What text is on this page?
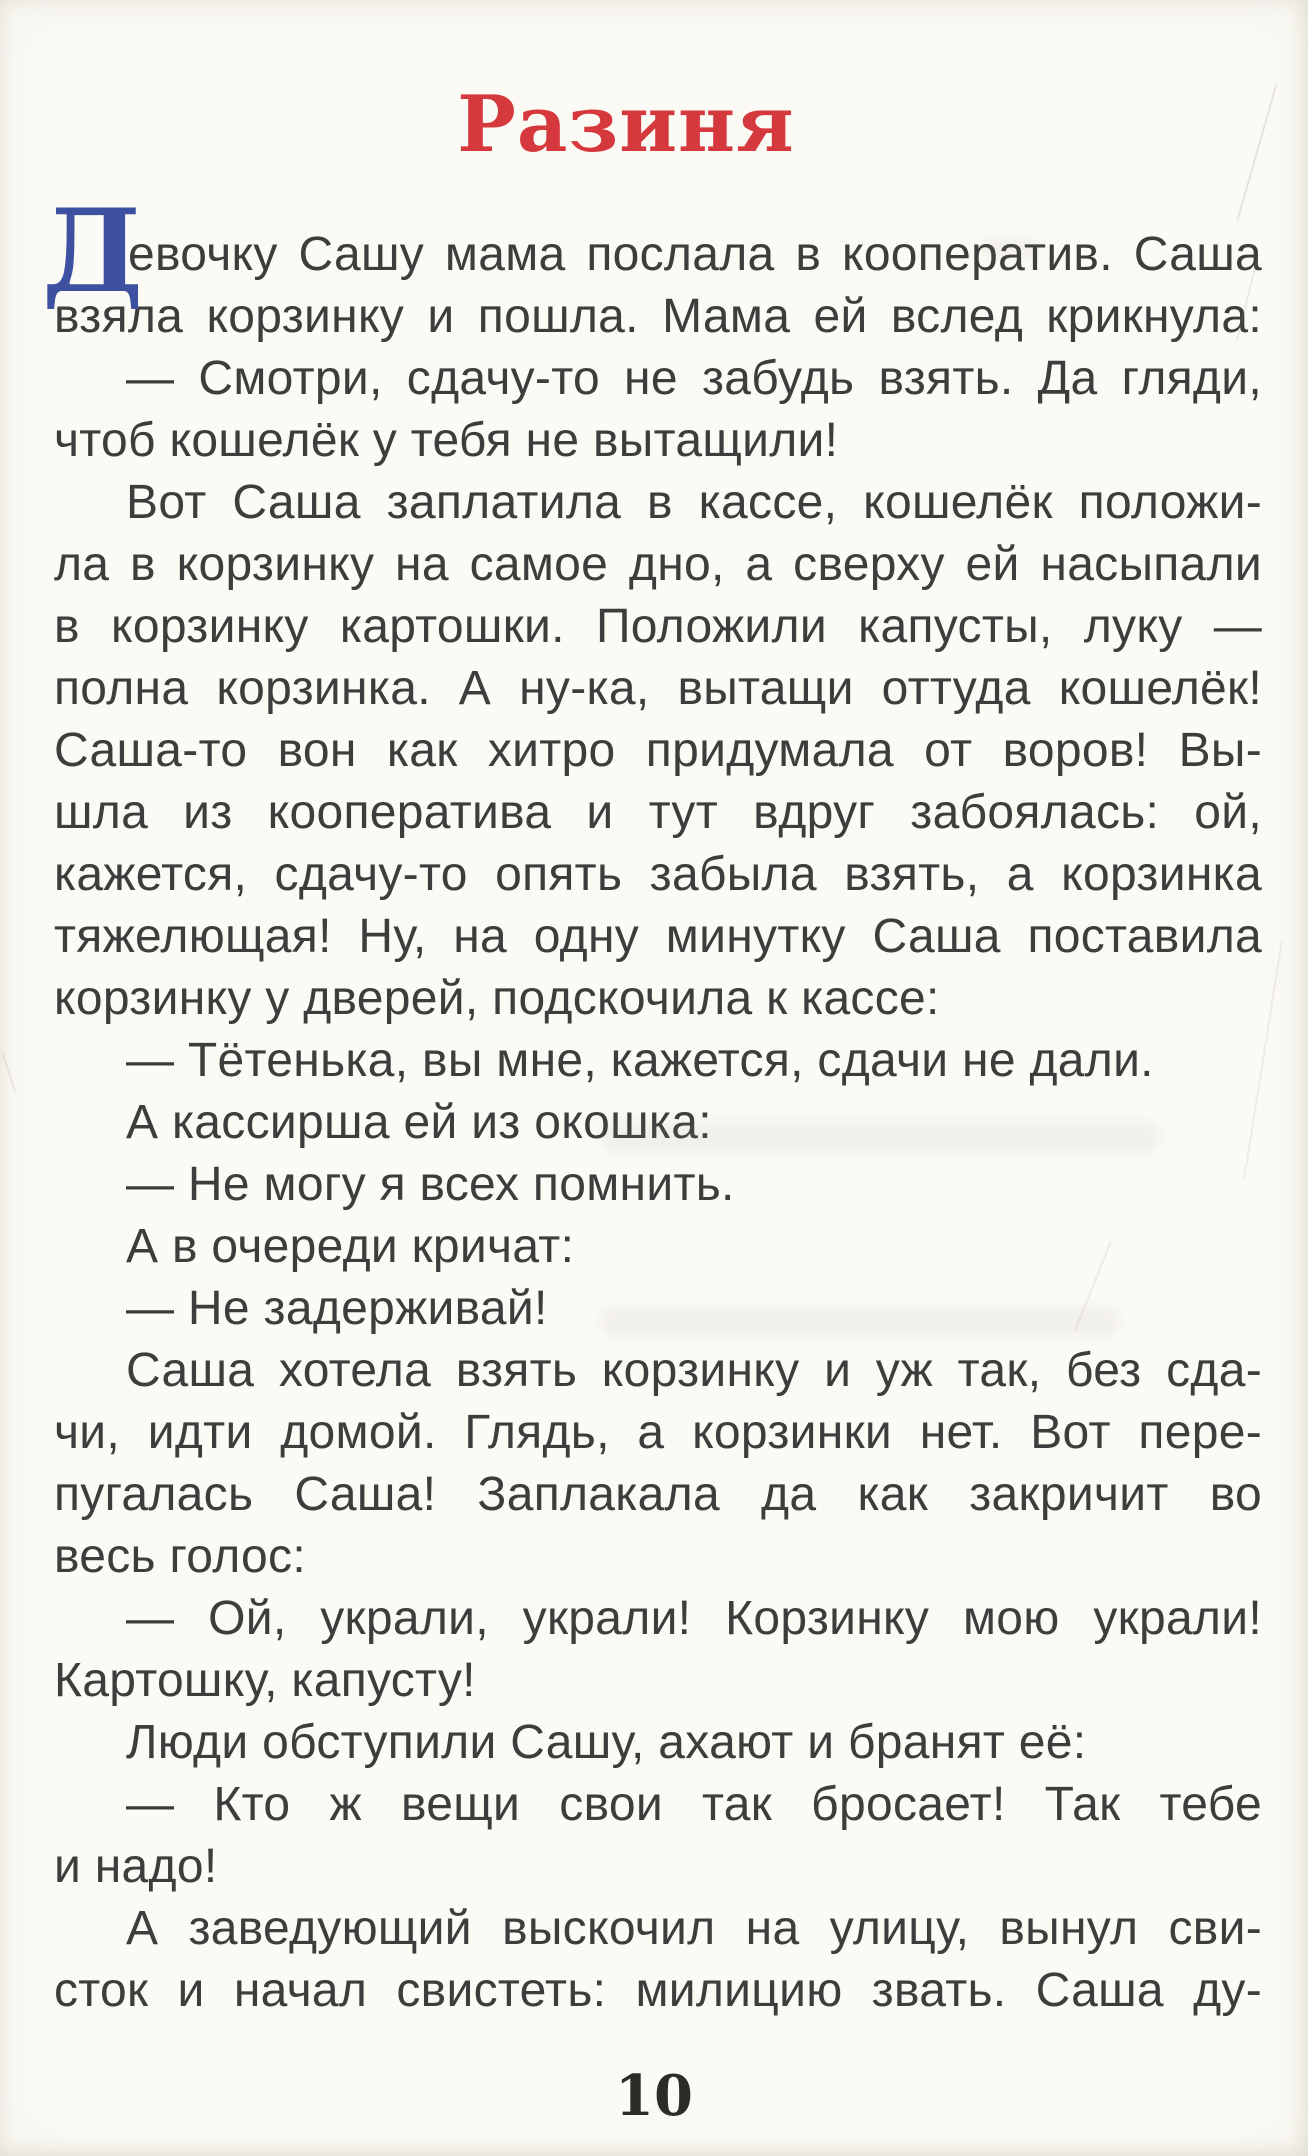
Разиня
Д
евочку Сашу мама послала в кооператив. Саша
взяла корзинку и пошла. Мама ей вслед крикнула:
— Смотри, сдачу-то не забудь взять. Да гляди,
чтоб кошелёк у тебя не вытащили!
Вот Саша заплатила в кассе, кошелёк положи-
ла в корзинку на самое дно, а сверху ей насыпали
в корзинку картошки. Положили капусты, луку —
полна корзинка. А ну-ка, вытащи оттуда кошелёк!
Саша-то вон как хитро придумала от воров! Вы-
шла из кооператива и тут вдруг забоялась: ой,
кажется, сдачу-то опять забыла взять, а корзинка
тяжелющая! Ну, на одну минутку Саша поставила
корзинку у дверей, подскочила к кассе:
— Тётенька, вы мне, кажется, сдачи не дали.
А кассирша ей из окошка:
— Не могу я всех помнить.
А в очереди кричат:
— Не задерживай!
Саша хотела взять корзинку и уж так, без сда-
чи, идти домой. Глядь, а корзинки нет. Вот пере-
пугалась Саша! Заплакала да как закричит во
весь голос:
— Ой, украли, украли! Корзинку мою украли!
Картошку, капусту!
Люди обступили Сашу, ахают и бранят её:
— Кто ж вещи свои так бросает! Так тебе
и надо!
А заведующий выскочил на улицу, вынул сви-
сток и начал свистеть: милицию звать. Саша ду-
10
